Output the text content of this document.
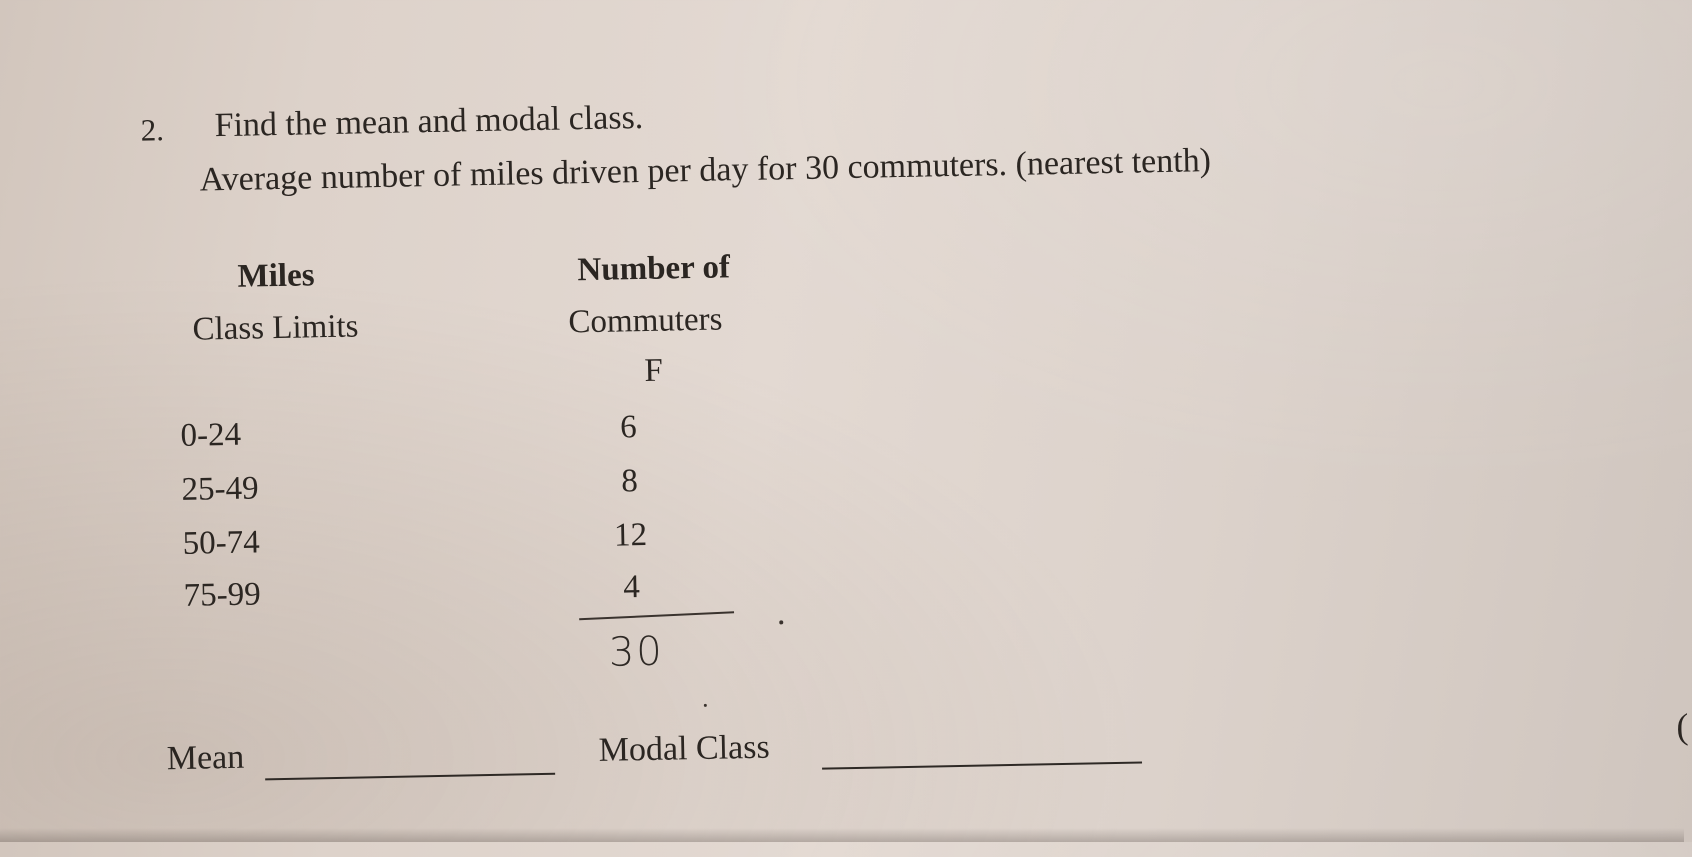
2. Find the mean and modal class.
Average number of miles driven per day for 30 commuters. (nearest tenth)
Miles
Class Limits
Number of
Commuters
F
0-24	6
25-49	8
50-74	12
75-99	4
30
Mean	Modal Class
(
